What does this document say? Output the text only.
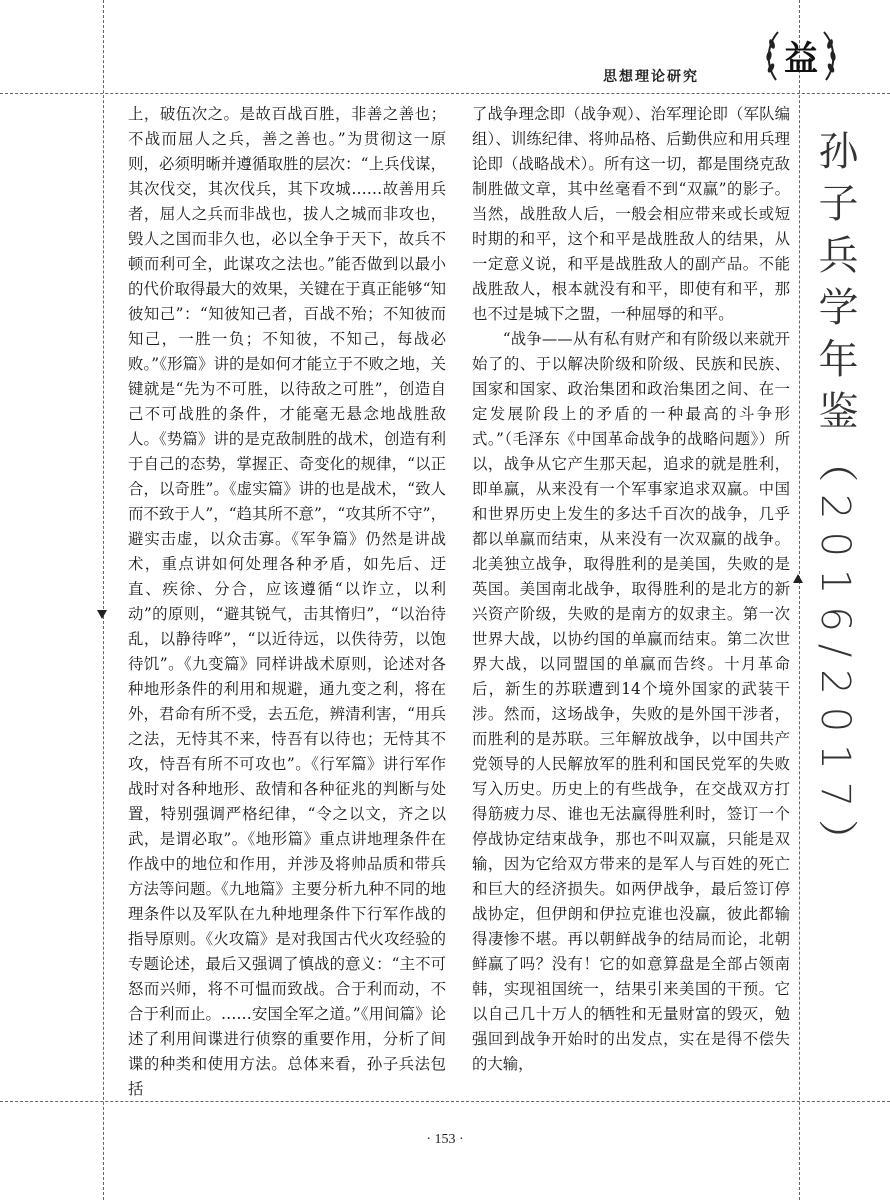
思想理论研究	益

上，破伍次之。是故百战百胜，非善之善也；不战而屈人之兵，善之善也。”为贯彻这一原则，必须明晰并遵循取胜的层次：“上兵伐谋，其次伐交，其次伐兵，其下攻城……故善用兵者，屈人之兵而非战也，拔人之城而非攻也，毁人之国而非久也，必以全争于天下，故兵不顿而利可全，此谋攻之法也。”能否做到以最小的代价取得最大的效果，关键在于真正能够“知彼知己”：“知彼知己者，百战不殆；不知彼而知己，一胜一负；不知彼，不知己，每战必败。”《形篇》讲的是如何才能立于不败之地，关键就是“先为不可胜，以待敌之可胜”，创造自己不可战胜的条件，才能毫无悬念地战胜敌人。《势篇》讲的是克敌制胜的战术，创造有利于自己的态势，掌握正、奇变化的规律，“以正合，以奇胜”。《虚实篇》讲的也是战术，“致人而不致于人”，“趋其所不意”，“攻其所不守”，避实击虚，以众击寡。《军争篇》仍然是讲战术，重点讲如何处理各种矛盾，如先后、迂直、疾徐、分合，应该遵循“以诈立，以利动”的原则，“避其锐气，击其惰归”，“以治待乱，以静待哗”，“以近待远，以佚待劳，以饱待饥”。《九变篇》同样讲战术原则，论述对各种地形条件的利用和规避，通九变之利，将在外，君命有所不受，去五危，辨清利害，“用兵之法，无恃其不来，恃吾有以待也；无恃其不攻，恃吾有所不可攻也”。《行军篇》讲行军作战时对各种地形、敌情和各种征兆的判断与处置，特别强调严格纪律，“令之以文，齐之以武，是谓必取”。《地形篇》重点讲地理条件在作战中的地位和作用，并涉及将帅品质和带兵方法等问题。《九地篇》主要分析九种不同的地理条件以及军队在九种地理条件下行军作战的指导原则。《火攻篇》是对我国古代火攻经验的专题论述，最后又强调了慎战的意义：“主不可怒而兴师，将不可愠而致战。合于利而动，不合于利而止。……安国全军之道。”《用间篇》论述了利用间谍进行侦察的重要作用，分析了间谍的种类和使用方法。总体来看，孙子兵法包括

了战争理念即（战争观）、治军理论即（军队编组）、训练纪律、将帅品格、后勤供应和用兵理论即（战略战术）。所有这一切，都是围绕克敌制胜做文章，其中丝毫看不到“双赢”的影子。当然，战胜敌人后，一般会相应带来或长或短时期的和平，这个和平是战胜敌人的结果，从一定意义说，和平是战胜敌人的副产品。不能战胜敌人，根本就没有和平，即使有和平，那也不过是城下之盟，一种屈辱的和平。

“战争——从有私有财产和有阶级以来就开始了的、于以解决阶级和阶级、民族和民族、国家和国家、政治集团和政治集团之间、在一定发展阶段上的矛盾的一种最高的斗争形式。”（毛泽东《中国革命战争的战略问题》）所以，战争从它产生那天起，追求的就是胜利，即单赢，从来没有一个军事家追求双赢。中国和世界历史上发生的多达千百次的战争，几乎都以单赢而结束，从来没有一次双赢的战争。北美独立战争，取得胜利的是美国，失败的是英国。美国南北战争，取得胜利的是北方的新兴资产阶级，失败的是南方的奴隶主。第一次世界大战，以协约国的单赢而结束。第二次世界大战，以同盟国的单赢而告终。十月革命后，新生的苏联遭到14个境外国家的武装干涉。然而，这场战争，失败的是外国干涉者，而胜利的是苏联。三年解放战争，以中国共产党领导的人民解放军的胜利和国民党军的失败写入历史。历史上的有些战争，在交战双方打得筋疲力尽、谁也无法赢得胜利时，签订一个停战协定结束战争，那也不叫双赢，只能是双输，因为它给双方带来的是军人与百姓的死亡和巨大的经济损失。如两伊战争，最后签订停战协定，但伊朗和伊拉克谁也没赢，彼此都输得凄惨不堪。再以朝鲜战争的结局而论，北朝鲜赢了吗？没有！它的如意算盘是全部占领南韩，实现祖国统一，结果引来美国的干预。它以自己几十万人的牺牲和无量财富的毁灭，勉强回到战争开始时的出发点，实在是得不偿失的大输，

孙子兵学年鉴（2016/2017）
· 153 ·
